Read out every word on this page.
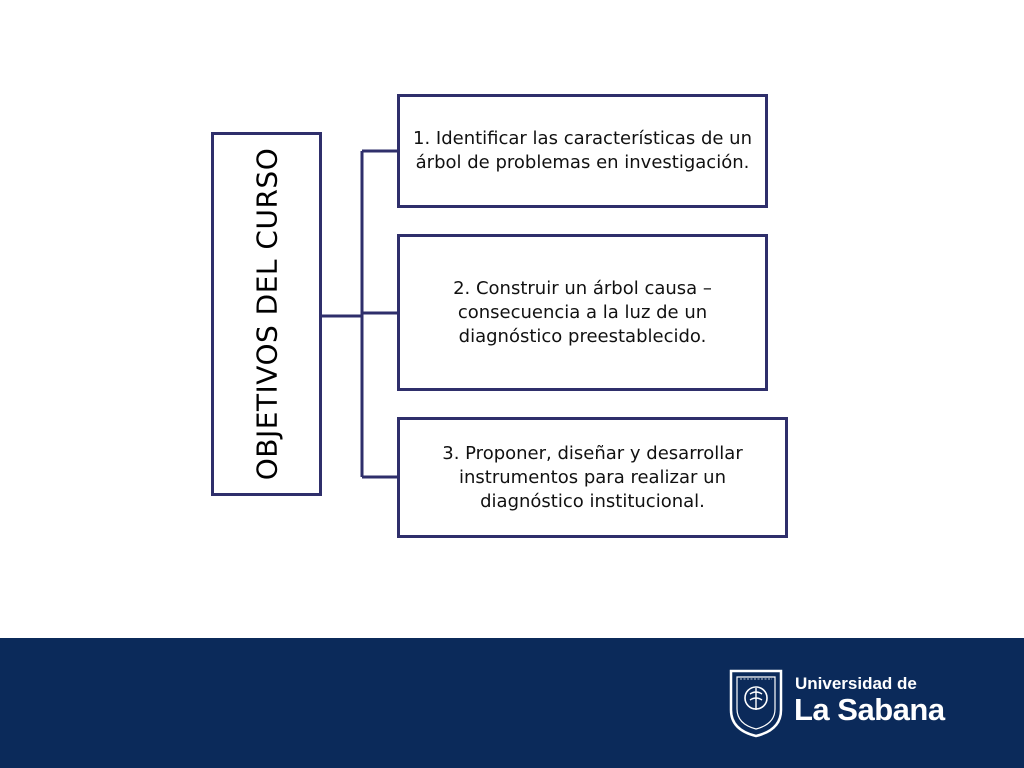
OBJETIVOS DEL CURSO
1. Identificar las características de un árbol de problemas en investigación.
2. Construir un árbol causa – consecuencia a la luz de un diagnóstico preestablecido.
3. Proponer, diseñar y desarrollar instrumentos para realizar un diagnóstico institucional.
Universidad de
La Sabana
